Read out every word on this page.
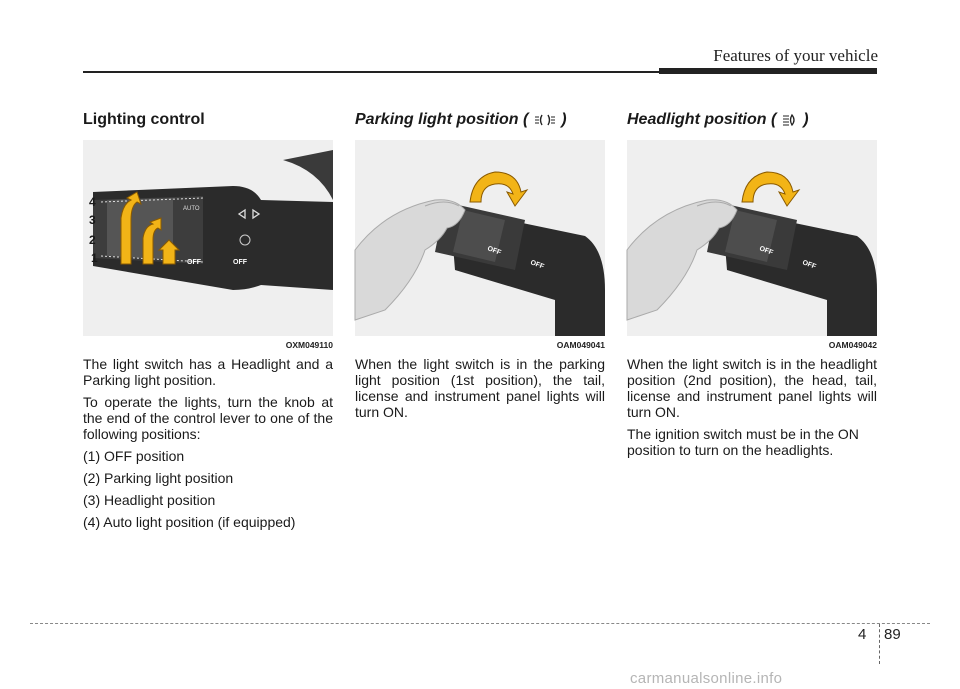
Features of your vehicle
Lighting control
AUTO
OFF	OFF
4
3
2
1
OXM049110

The light switch has a Headlight and a Parking light position.

To operate the lights, turn the knob at the end of the control lever to one of the following positions:

(1) OFF position

(2) Parking light position

(3) Headlight position

(4) Auto light position (if equipped)

Parking light position ( )
OFF
OFF
OAM049041

When the light switch is in the parking light position (1st position), the tail, license and instrument panel lights will turn ON.

Headlight position ( )
OFF
OFF
OAM049042

When the light switch is in the headlight position (2nd position), the head, tail, license and instrument panel lights will turn ON.

The ignition switch must be in the ON position to turn on the headlights.

4 89
carmanualsonline.info
